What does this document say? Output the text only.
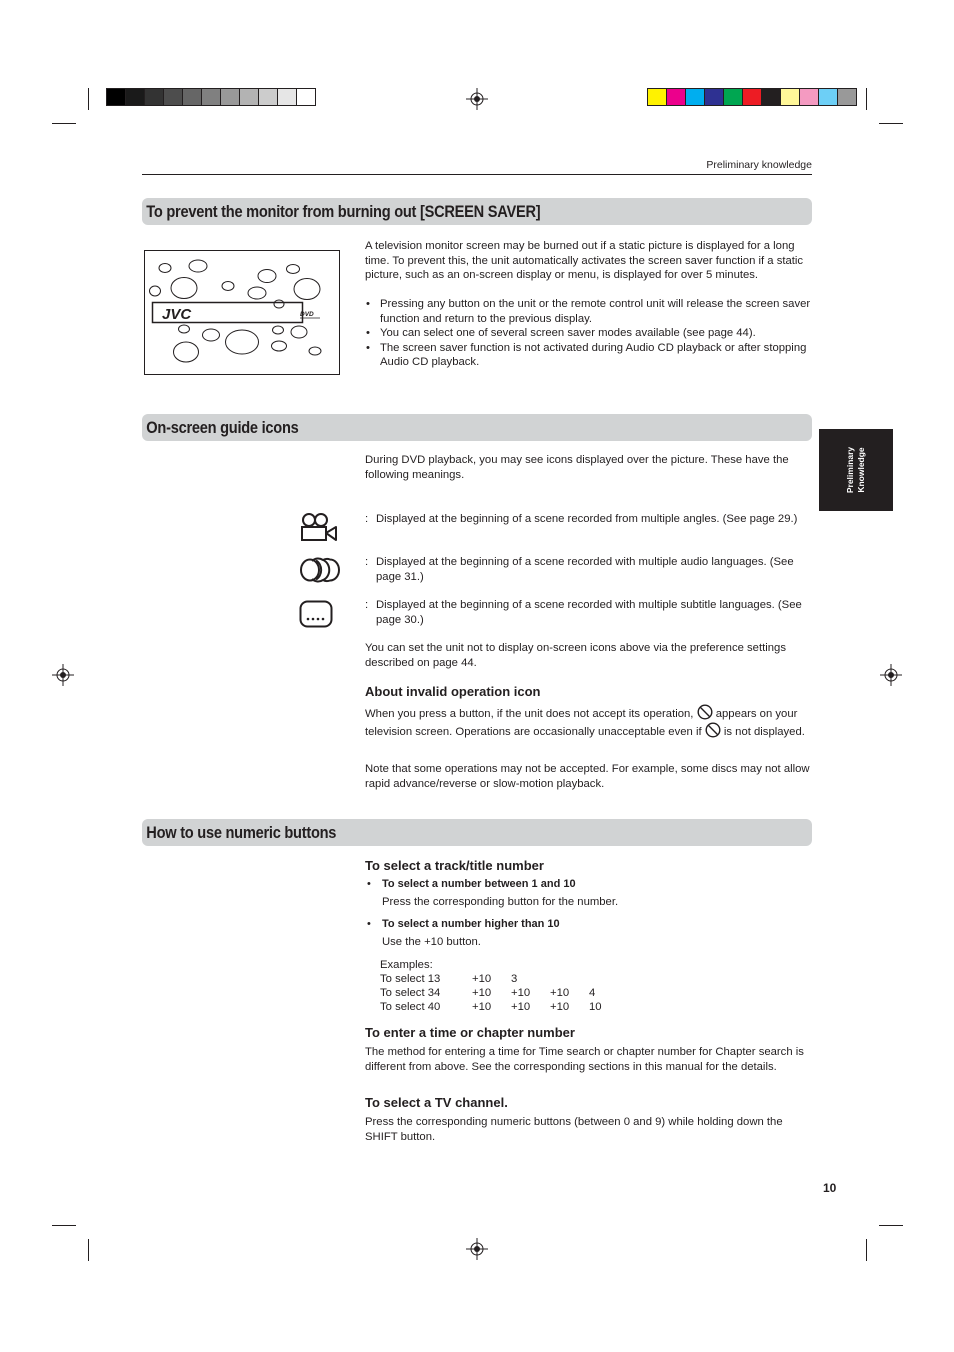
Preliminary knowledge
Preliminary Knowledge
To prevent the monitor from burning out [SCREEN SAVER]
JVC	DVD

A television monitor screen may be burned out if a static picture is displayed for a long time. To prevent this, the unit automatically activates the screen saver function if a static picture, such as an on-screen display or menu, is displayed for over 5 minutes.

• Pressing any button on the unit or the remote control unit will release the screen saver function and return to the previous display.
• You can select one of several screen saver modes available (see page 44).
• The screen saver function is not activated during Audio CD playback or after stopping Audio CD playback.
On-screen guide icons
During DVD playback, you may see icons displayed over the picture. These have the following meanings.
: Displayed at the beginning of a scene recorded from multiple angles. (See page 29.)
: Displayed at the beginning of a scene recorded with multiple audio languages. (See page 31.)
: Displayed at the beginning of a scene recorded with multiple subtitle languages. (See page 30.)
You can set the unit not to display on-screen icons above via the preference settings described on page 44.
About invalid operation icon

When you press a button, if the unit does not accept its operation, appears on your television screen. Operations are occasionally unacceptable even if is not displayed.

Note that some operations may not be accepted. For example, some discs may not allow rapid advance/reverse or slow-motion playback.
How to use numeric buttons
To select a track/title number
• To select a number between 1 and 10
Press the corresponding button for the number.
• To select a number higher than 10
Use the +10 button.
Examples:
To select 13	+10	3		
To select 34	+10	+10	+10	4
To select 40	+10	+10	+10	10
To enter a time or chapter number
The method for entering a time for Time search or chapter number for Chapter search is different from above. See the corresponding sections in this manual for the details.
To select a TV channel.
Press the corresponding numeric buttons (between 0 and 9) while holding down the SHIFT button.
10
